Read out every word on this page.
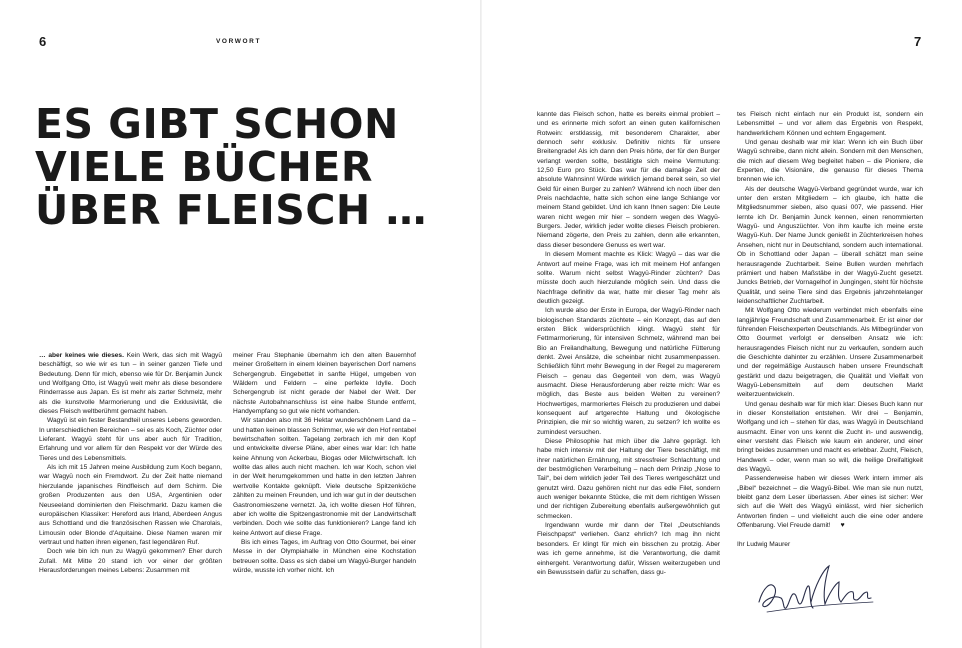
6	VORWORT	7
ES GIBT SCHON
VIELE BÜCHER
ÜBER FLEISCH …

… aber keines wie dieses. Kein Werk, das sich mit Wagyū beschäftigt, so wie wir es tun – in seiner ganzen Tiefe und Bedeutung. Denn für mich, ebenso wie für Dr. Benjamin Junck und Wolfgang Otto, ist Wagyū weit mehr als diese besondere Rinderrasse aus Japan. Es ist mehr als zarter Schmelz, mehr als die kunstvolle Marmorierung und die Exklusivität, die dieses Fleisch weltberühmt gemacht haben.

Wagyū ist ein fester Bestandteil unseres Lebens geworden. In unterschiedlichen Bereichen – sei es als Koch, Züchter oder Lieferant. Wagyū steht für uns aber auch für Tradition, Erfahrung und vor allem für den Respekt vor der Würde des Tieres und des Lebensmittels.

Als ich mit 15 Jahren meine Ausbildung zum Koch begann, war Wagyū noch ein Fremdwort. Zu der Zeit hatte niemand hierzulande japanisches Rindfleisch auf dem Schirm. Die großen Produzenten aus den USA, Argentinien oder Neuseeland dominierten den Fleischmarkt. Dazu kamen die europäischen Klassiker: Hereford aus Irland, Aberdeen Angus aus Schottland und die französischen Rassen wie Charolais, Limousin oder Blonde d'Aquitaine. Diese Namen waren mir vertraut und hatten ihren eigenen, fast legendären Ruf.

Doch wie bin ich nun zu Wagyū gekommen? Eher durch Zufall. Mit Mitte 20 stand ich vor einer der größten Herausforderungen meines Lebens: Zusammen mit

meiner Frau Stephanie übernahm ich den alten Bauernhof meiner Großeltern in einem kleinen bayerischen Dorf namens Schergengrub. Eingebettet in sanfte Hügel, umgeben von Wäldern und Feldern – eine perfekte Idylle. Doch Schergengrub ist nicht gerade der Nabel der Welt. Der nächste Autobahnanschluss ist eine halbe Stunde entfernt, Handyempfang so gut wie nicht vorhanden.

Wir standen also mit 36 Hektar wunderschönem Land da – und hatten keinen blassen Schimmer, wie wir den Hof rentabel bewirtschaften sollten. Tagelang zerbrach ich mir den Kopf und entwickelte diverse Pläne, aber eines war klar: Ich hatte keine Ahnung von Ackerbau, Biogas oder Milchwirtschaft. Ich wollte das alles auch nicht machen. Ich war Koch, schon viel in der Welt herumgekommen und hatte in den letzten Jahren wertvolle Kontakte geknüpft. Viele deutsche Spitzenköche zählten zu meinen Freunden, und ich war gut in der deutschen Gastronomieszene vernetzt. Ja, ich wollte diesen Hof führen, aber ich wollte die Spitzengastronomie mit der Landwirtschaft verbinden. Doch wie sollte das funktionieren? Lange fand ich keine Antwort auf diese Frage.

Bis ich eines Tages, im Auftrag von Otto Gourmet, bei einer Messe in der Olympiahalle in München eine Kochstation betreuen sollte. Dass es sich dabei um Wagyū-Burger handeln würde, wusste ich vorher nicht. Ich

kannte das Fleisch schon, hatte es bereits einmal probiert – und es erinnerte mich sofort an einen guten kalifornischen Rotwein: erstklassig, mit besonderem Charakter, aber dennoch sehr exklusiv. Definitiv nichts für unsere Breitengrade! Als ich dann den Preis hörte, der für den Burger verlangt werden sollte, bestätigte sich meine Vermutung: 12,50 Euro pro Stück. Das war für die damalige Zeit der absolute Wahnsinn! Würde wirklich jemand bereit sein, so viel Geld für einen Burger zu zahlen? Während ich noch über den Preis nachdachte, hatte sich schon eine lange Schlange vor meinem Stand gebildet. Und ich kann Ihnen sagen: Die Leute waren nicht wegen mir hier – sondern wegen des Wagyū-Burgers. Jeder, wirklich jeder wollte dieses Fleisch probieren. Niemand zögerte, den Preis zu zahlen, denn alle erkannten, dass dieser besondere Genuss es wert war.

In diesem Moment machte es Klick: Wagyū – das war die Antwort auf meine Frage, was ich mit meinem Hof anfangen sollte. Warum nicht selbst Wagyū-Rinder züchten? Das müsste doch auch hierzulande möglich sein. Und dass die Nachfrage definitiv da war, hatte mir dieser Tag mehr als deutlich gezeigt.

Ich wurde also der Erste in Europa, der Wagyū-Rinder nach biologischen Standards züchtete – ein Konzept, das auf den ersten Blick widersprüchlich klingt. Wagyū steht für Fettmarmorierung, für intensiven Schmelz, während man bei Bio an Freilandhaltung, Bewegung und natürliche Fütterung denkt. Zwei Ansätze, die scheinbar nicht zusammenpassen. Schließlich führt mehr Bewegung in der Regel zu magererem Fleisch – genau das Gegenteil von dem, was Wagyū ausmacht. Diese Herausforderung aber reizte mich: War es möglich, das Beste aus beiden Welten zu vereinen? Hochwertiges, marmoriertes Fleisch zu produzieren und dabei konsequent auf artgerechte Haltung und ökologische Prinzipien, die mir so wichtig waren, zu setzen? Ich wollte es zumindest versuchen.

Diese Philosophie hat mich über die Jahre geprägt. Ich habe mich intensiv mit der Haltung der Tiere beschäftigt, mit ihrer natürlichen Ernährung, mit stressfreier Schlachtung und der bestmöglichen Verarbeitung – nach dem Prinzip „Nose to Tail“, bei dem wirklich jeder Teil des Tieres wertgeschätzt und genutzt wird. Dazu gehören nicht nur das edle Filet, sondern auch weniger bekannte Stücke, die mit dem richtigen Wissen und der richtigen Zubereitung ebenfalls außergewöhnlich gut schmecken.

Irgendwann wurde mir dann der Titel „Deutschlands Fleischpapst“ verliehen. Ganz ehrlich? Ich mag ihn nicht besonders. Er klingt für mich ein bisschen zu protzig. Aber was ich gerne annehme, ist die Verantwortung, die damit einhergeht. Verantwortung dafür, Wissen weiterzugeben und ein Bewusstsein dafür zu schaffen, dass gu-

tes Fleisch nicht einfach nur ein Produkt ist, sondern ein Lebensmittel – und vor allem das Ergebnis von Respekt, handwerklichem Können und echtem Engagement.

Und genau deshalb war mir klar: Wenn ich ein Buch über Wagyū schreibe, dann nicht allein. Sondern mit den Menschen, die mich auf diesem Weg begleitet haben – die Pioniere, die Experten, die Visionäre, die genauso für dieses Thema brennen wie ich.

Als der deutsche Wagyū-Verband gegründet wurde, war ich unter den ersten Mitgliedern – ich glaube, ich hatte die Mitgliedsnummer sieben, also quasi 007, wie passend. Hier lernte ich Dr. Benjamin Junck kennen, einen renommierten Wagyū- und Anguszüchter. Von ihm kaufte ich meine erste Wagyū-Kuh. Der Name Junck genießt in Züchterkreisen hohes Ansehen, nicht nur in Deutschland, sondern auch international. Ob in Schottland oder Japan – überall schätzt man seine herausragende Zuchtarbeit. Seine Bullen wurden mehrfach prämiert und haben Maßstäbe in der Wagyū-Zucht gesetzt. Juncks Betrieb, der Vornagelhof in Jungingen, steht für höchste Qualität, und seine Tiere sind das Ergebnis jahrzehntelanger leidenschaftlicher Zuchtarbeit.

Mit Wolfgang Otto wiederum verbindet mich ebenfalls eine langjährige Freundschaft und Zusammenarbeit. Er ist einer der führenden Fleischexperten Deutschlands. Als Mitbegründer von Otto Gourmet verfolgt er denselben Ansatz wie ich: herausragendes Fleisch nicht nur zu verkaufen, sondern auch die Geschichte dahinter zu erzählen. Unsere Zusammenarbeit und der regelmäßige Austausch haben unsere Freundschaft gestärkt und dazu beigetragen, die Qualität und Vielfalt von Wagyū-Lebensmitteln auf dem deutschen Markt weiterzuentwickeln.

Und genau deshalb war für mich klar: Dieses Buch kann nur in dieser Konstellation entstehen. Wir drei – Benjamin, Wolfgang und ich – stehen für das, was Wagyū in Deutschland ausmacht. Einer von uns kennt die Zucht in- und auswendig, einer versteht das Fleisch wie kaum ein anderer, und einer bringt beides zusammen und macht es erlebbar. Zucht, Fleisch, Handwerk – oder, wenn man so will, die heilige Dreifaltigkeit des Wagyū.

Passenderweise haben wir dieses Werk intern immer als „Bibel“ bezeichnet – die Wagyū-Bibel. Wie man sie nun nutzt, bleibt ganz dem Leser überlassen. Aber eines ist sicher: Wer sich auf die Welt des Wagyū einlässt, wird hier sicherlich Antworten finden – und vielleicht auch die eine oder andere Offenbarung. Viel Freude damit! ♥

Ihr Ludwig Maurer
